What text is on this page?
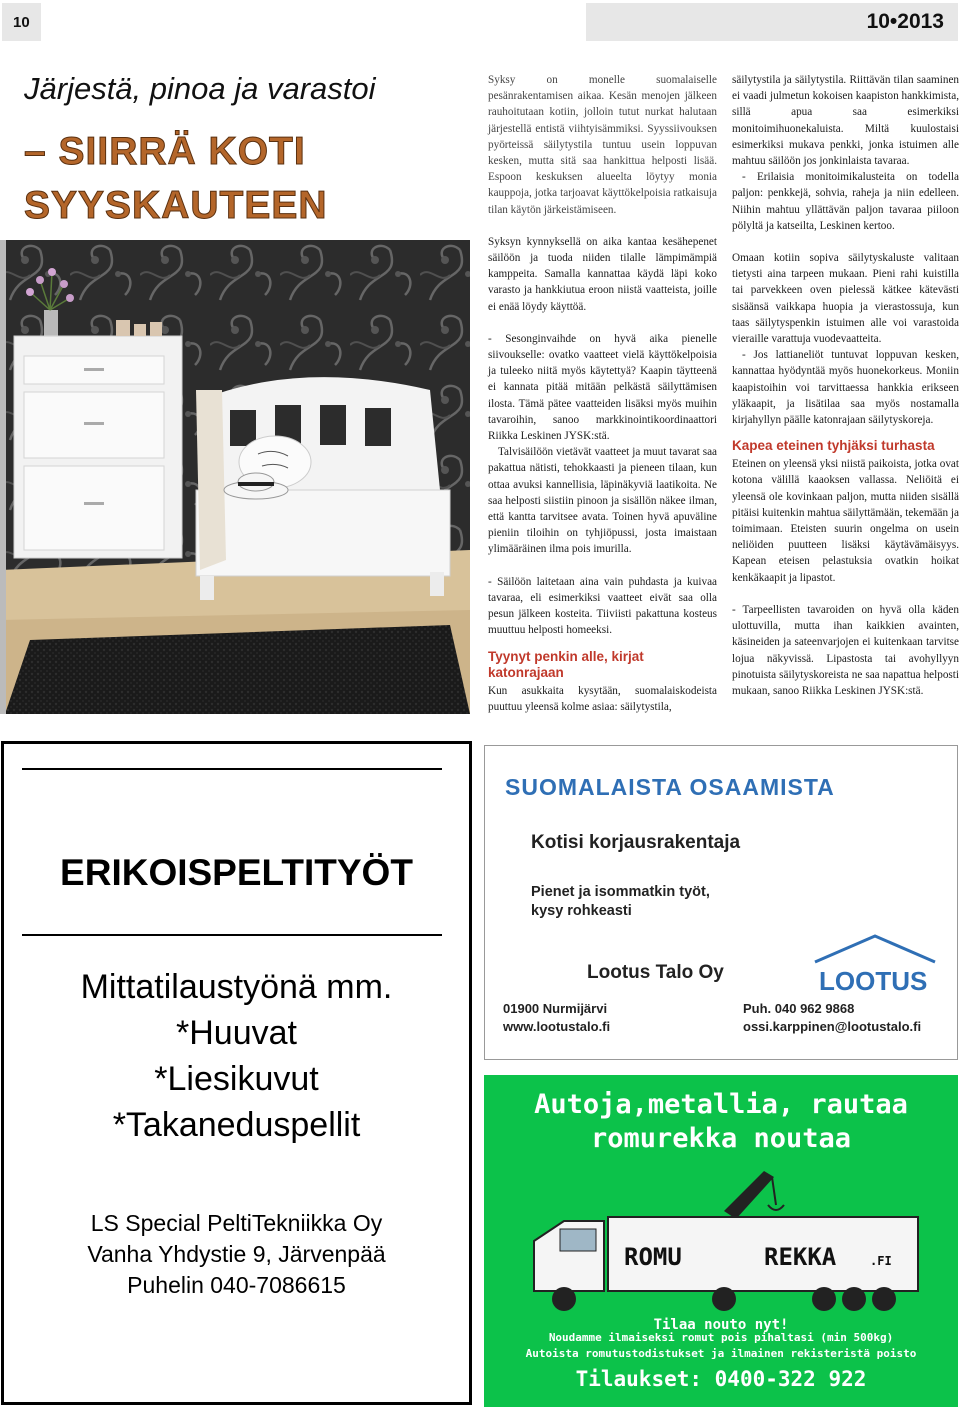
10	10•2013
Järjestä, pinoa ja varastoi
– SIIRRÄ KOTI
SYYSKAUTEEN

Syksy on monelle suomalaiselle pesänrakentamisen aikaa. Kesän menojen jälkeen rauhoitutaan kotiin, jolloin tutut nurkat halutaan järjestellä entistä viihtyisämmiksi. Syyssiivouksen pyörteissä säilytystila tuntuu usein loppuvan kesken, mutta sitä saa hankittua helposti lisää. Espoon keskuksen alueelta löytyy monia kauppoja, jotka tarjoavat käyttökelpoisia ratkaisuja tilan käytön järkeistämiseen.

Syksyn kynnyksellä on aika kantaa kesähepenet säilöön ja tuoda niiden tilalle lämpimämpiä kamppeita. Samalla kannattaa käydä läpi koko varasto ja hankkiutua eroon niistä vaatteista, joille ei enää löydy käyttöä.

- Sesonginvaihde on hyvä aika pienelle siivoukselle: ovatko vaatteet vielä käyttökelpoisia ja tuleeko niitä myös käytettyä? Kaapin täytteenä ei kannata pitää mitään pelkästä säilyttämisen ilosta. Tämä pätee vaatteiden lisäksi myös muihin tavaroihin, sanoo markkinointikoordinaattori Riikka Leskinen JYSK:stä.

Talvisäilöön vietävät vaatteet ja muut tavarat saa pakattua nätisti, tehokkaasti ja pieneen tilaan, kun ottaa avuksi kannellisia, läpinäkyviä laatikoita. Ne saa helposti siistiin pinoon ja sisällön näkee ilman, että kantta tarvitsee avata. Toinen hyvä apuväline pieniin tiloihin on tyhjiöpussi, josta imaistaan ylimääräinen ilma pois imurilla.

- Säilöön laitetaan aina vain puhdasta ja kuivaa tavaraa, eli esimerkiksi vaatteet eivät saa olla pesun jälkeen kosteita. Tiiviisti pakattuna kosteus muuttuu helposti homeeksi.

Tyynyt penkin alle, kirjat katonrajaan

Kun asukkaita kysytään, suomalaiskodeista puuttuu yleensä kolme asiaa: säilytystila,

säilytystila ja säilytystila. Riittävän tilan saaminen ei vaadi julmetun kokoisen kaapiston hankkimista, sillä apua saa esimerkiksi monitoimihuonekaluista. Miltä kuulostaisi esimerkiksi mukava penkki, jonka istuimen alle mahtuu säilöön jos jonkinlaista tavaraa.

- Erilaisia monitoimikalusteita on todella paljon: penkkejä, sohvia, raheja ja niin edelleen. Niihin mahtuu yllättävän paljon tavaraa piiloon pölyltä ja katseilta, Leskinen kertoo.

Omaan kotiin sopiva säilytyskaluste valitaan tietysti aina tarpeen mukaan. Pieni rahi kuistilla tai parvekkeen oven pielessä kätkee kätevästi sisäänsä vaikkapa huopia ja vierastossuja, kun taas säilytyspenkin istuimen alle voi varastoida vieraille varattuja vuodevaatteita.

- Jos lattianeliöt tuntuvat loppuvan kesken, kannattaa hyödyntää myös huonekorkeus. Moniin kaapistoihin voi tarvittaessa hankkia erikseen yläkaapit, ja lisätilaa saa myös nostamalla kirjahyllyn päälle katonrajaan säilytyskoreja.

Kapea eteinen tyhjäksi turhasta

Eteinen on yleensä yksi niistä paikoista, jotka ovat kotona välillä kaaoksen vallassa. Neliöitä ei yleensä ole kovinkaan paljon, mutta niiden sisällä pitäisi kuitenkin mahtua säilyttämään, tekemään ja toimimaan. Eteisten suurin ongelma on usein neliöiden puutteen lisäksi käytävämäisyys. Kapean eteisen pelastuksia ovatkin hoikat kenkäkaapit ja lipastot.

- Tarpeellisten tavaroiden on hyvä olla käden ulottuvilla, mutta ihan kaikkien avainten, käsineiden ja sateenvarjojen ei kuitenkaan tarvitse lojua näkyvissä. Lipastosta tai avohyllyyn pinotuista säilytyskoreista ne saa napattua helposti mukaan, sanoo Riikka Leskinen JYSK:stä.

ERIKOISPELTITYÖT
Mittatilaustyönä mm.
*Huuvat
*Liesikuvut
*Takaneduspellit
LS Special PeltiTekniikka Oy
Vanha Yhdystie 9, Järvenpää
Puhelin 040-7086615
SUOMALAISTA OSAAMISTA
Kotisi korjausrakentaja
Pienet ja isommatkin työt,
kysy rohkeasti
Lootus Talo Oy	LOOTUS
01900 Nurmijärvi
www.lootustalo.fi
Puh. 040 962 9868
ossi.karppinen@lootustalo.fi
Autoja,metallia, rautaa
romurekka noutaa
ROMU	REKKA	.FI
Tilaa nouto nyt!
Noudamme ilmaiseksi romut pois pihaltasi (min 500kg)
Autoista romutustodistukset ja ilmainen rekisteristä poisto
Tilaukset: 0400-322 922
